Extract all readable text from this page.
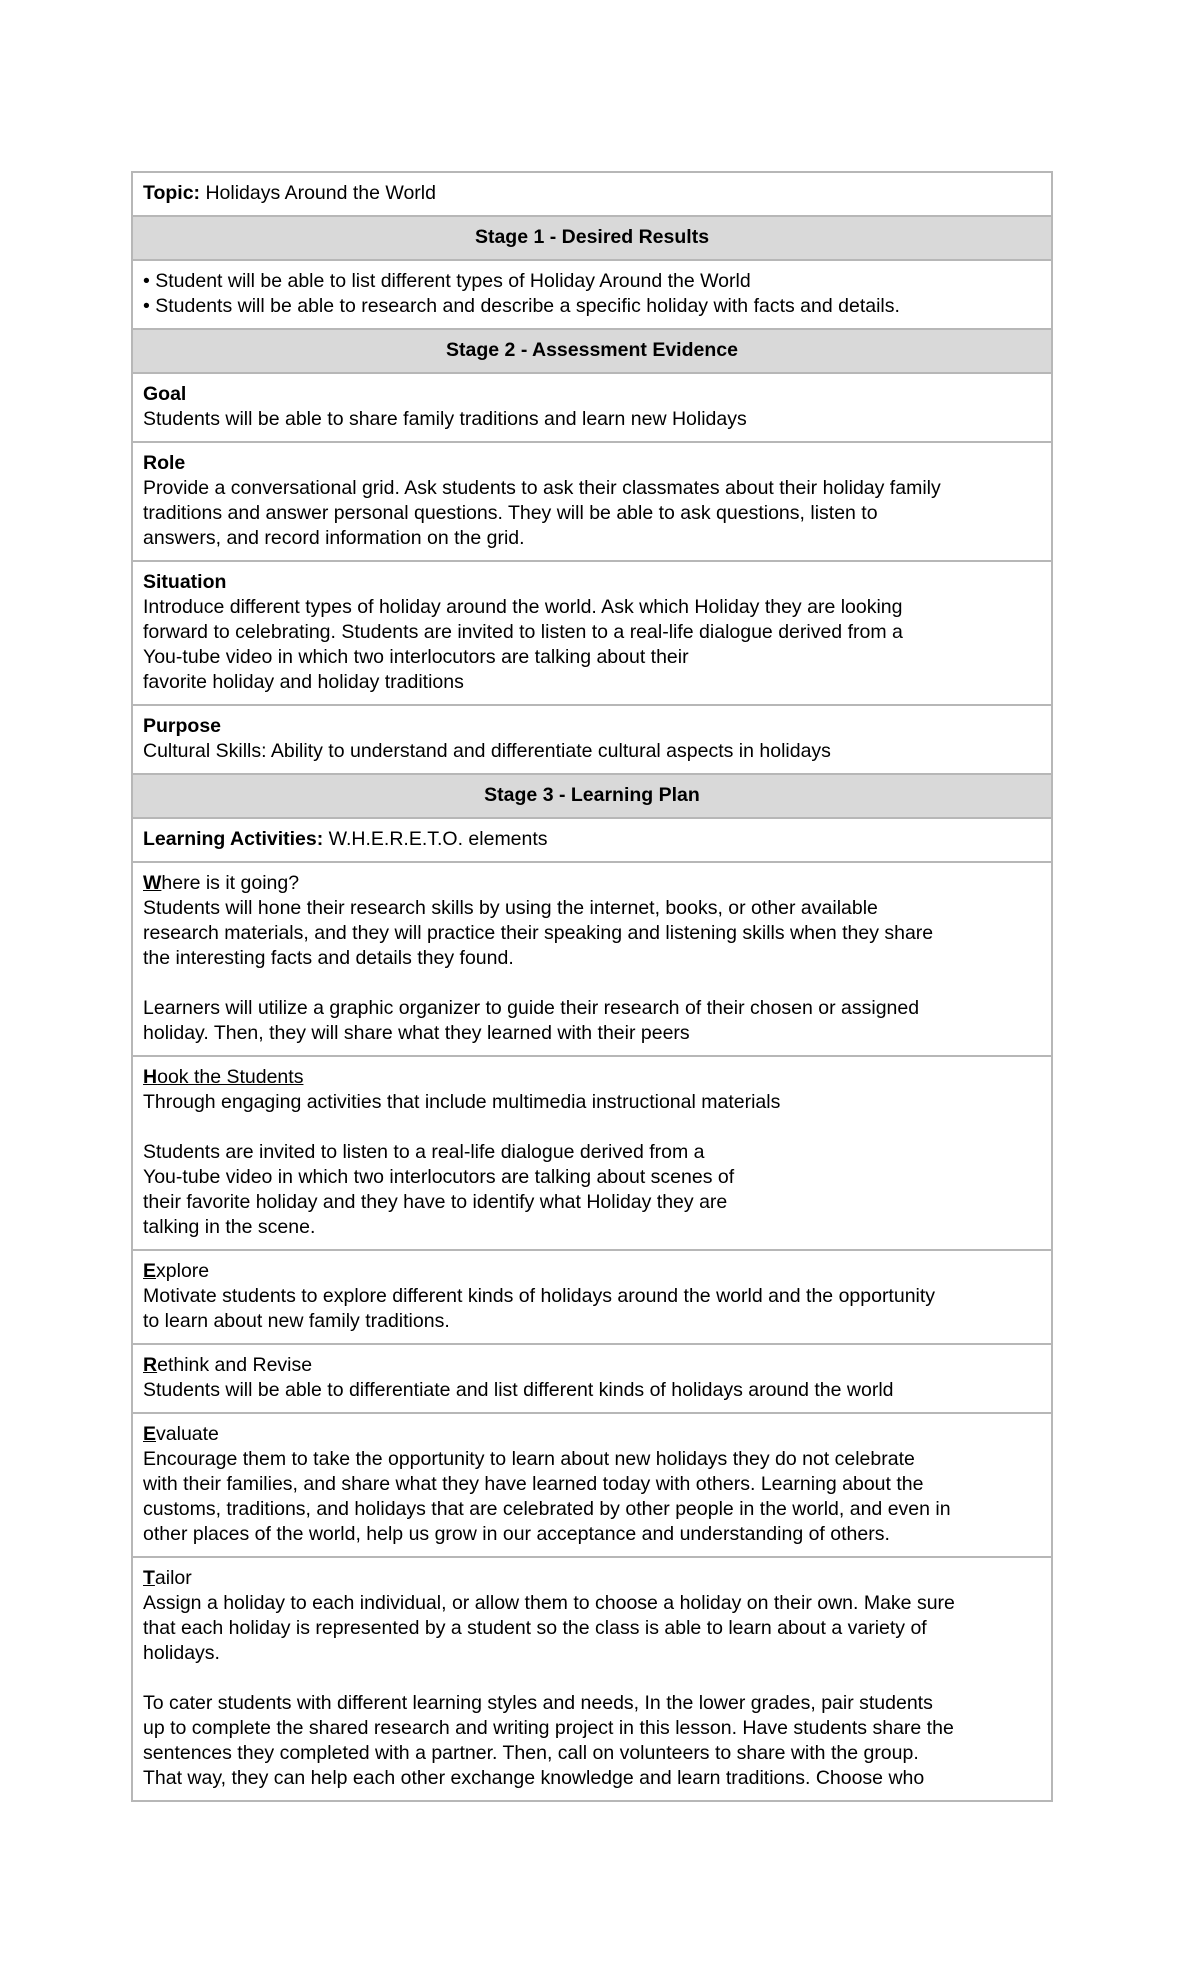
Topic: Holidays Around the World
Stage 1 - Desired Results
• Student will be able to list different types of Holiday Around the World
• Students will be able to research and describe a specific holiday with facts and details.
Stage 2 - Assessment Evidence
Goal
Students will be able to share family traditions and learn new Holidays
Role
Provide a conversational grid. Ask students to ask their classmates about their holiday family
traditions and answer personal questions. They will be able to ask questions, listen to
answers, and record information on the grid.
Situation
Introduce different types of holiday around the world. Ask which Holiday they are looking
forward to celebrating. Students are invited to listen to a real-life dialogue derived from a
You-tube video in which two interlocutors are talking about their
favorite holiday and holiday traditions
Purpose
Cultural Skills: Ability to understand and differentiate cultural aspects in holidays
Stage 3 - Learning Plan
Learning Activities: W.H.E.R.E.T.O. elements
Where is it going?
Students will hone their research skills by using the internet, books, or other available
research materials, and they will practice their speaking and listening skills when they share
the interesting facts and details they found.
Learners will utilize a graphic organizer to guide their research of their chosen or assigned
holiday. Then, they will share what they learned with their peers
Hook the Students
Through engaging activities that include multimedia instructional materials
Students are invited to listen to a real-life dialogue derived from a
You-tube video in which two interlocutors are talking about scenes of
their favorite holiday and they have to identify what Holiday they are
talking in the scene.
Explore
Motivate students to explore different kinds of holidays around the world and the opportunity
to learn about new family traditions.
Rethink and Revise
Students will be able to differentiate and list different kinds of holidays around the world
Evaluate
Encourage them to take the opportunity to learn about new holidays they do not celebrate
with their families, and share what they have learned today with others. Learning about the
customs, traditions, and holidays that are celebrated by other people in the world, and even in
other places of the world, help us grow in our acceptance and understanding of others.
Tailor
Assign a holiday to each individual, or allow them to choose a holiday on their own. Make sure
that each holiday is represented by a student so the class is able to learn about a variety of
holidays.
To cater students with different learning styles and needs, In the lower grades, pair students
up to complete the shared research and writing project in this lesson. Have students share the
sentences they completed with a partner. Then, call on volunteers to share with the group.
That way, they can help each other exchange knowledge and learn traditions. Choose who
